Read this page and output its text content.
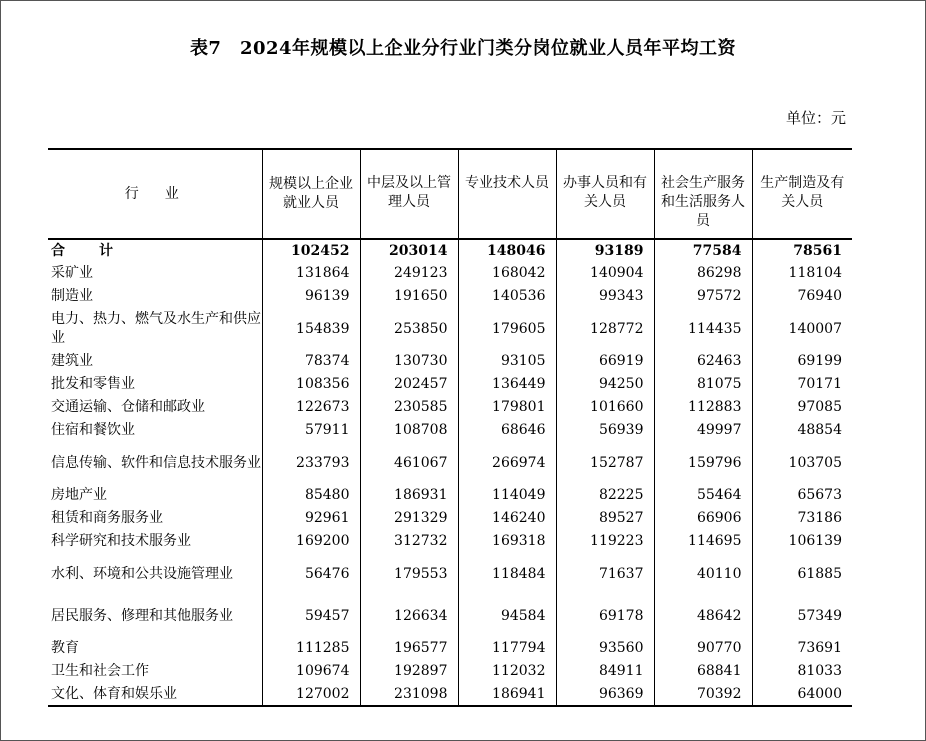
表7　2024年规模以上企业分行业门类分岗位就业人员年平均工资
单位：元
行　业	规模以上企业就业人员	中层及以上管理人员	专业技术人员	办事人员和有关人员	社会生产服务和生活服务人员	生产制造及有关人员

合　计	102452	203014	148046	93189	77584	78561
采矿业	131864	249123	168042	140904	86298	118104
制造业	96139	191650	140536	99343	97572	76940
电力、热力、燃气及水生产和供应业	154839	253850	179605	128772	114435	140007
建筑业	78374	130730	93105	66919	62463	69199
批发和零售业	108356	202457	136449	94250	81075	70171
交通运输、仓储和邮政业	122673	230585	179801	101660	112883	97085
住宿和餐饮业	57911	108708	68646	56939	49997	48854
信息传输、软件和信息技术服务业	233793	461067	266974	152787	159796	103705
房地产业	85480	186931	114049	82225	55464	65673
租赁和商务服务业	92961	291329	146240	89527	66906	73186
科学研究和技术服务业	169200	312732	169318	119223	114695	106139
水利、环境和公共设施管理业	56476	179553	118484	71637	40110	61885
居民服务、修理和其他服务业	59457	126634	94584	69178	48642	57349
教育	111285	196577	117794	93560	90770	73691
卫生和社会工作	109674	192897	112032	84911	68841	81033
文化、体育和娱乐业	127002	231098	186941	96369	70392	64000
